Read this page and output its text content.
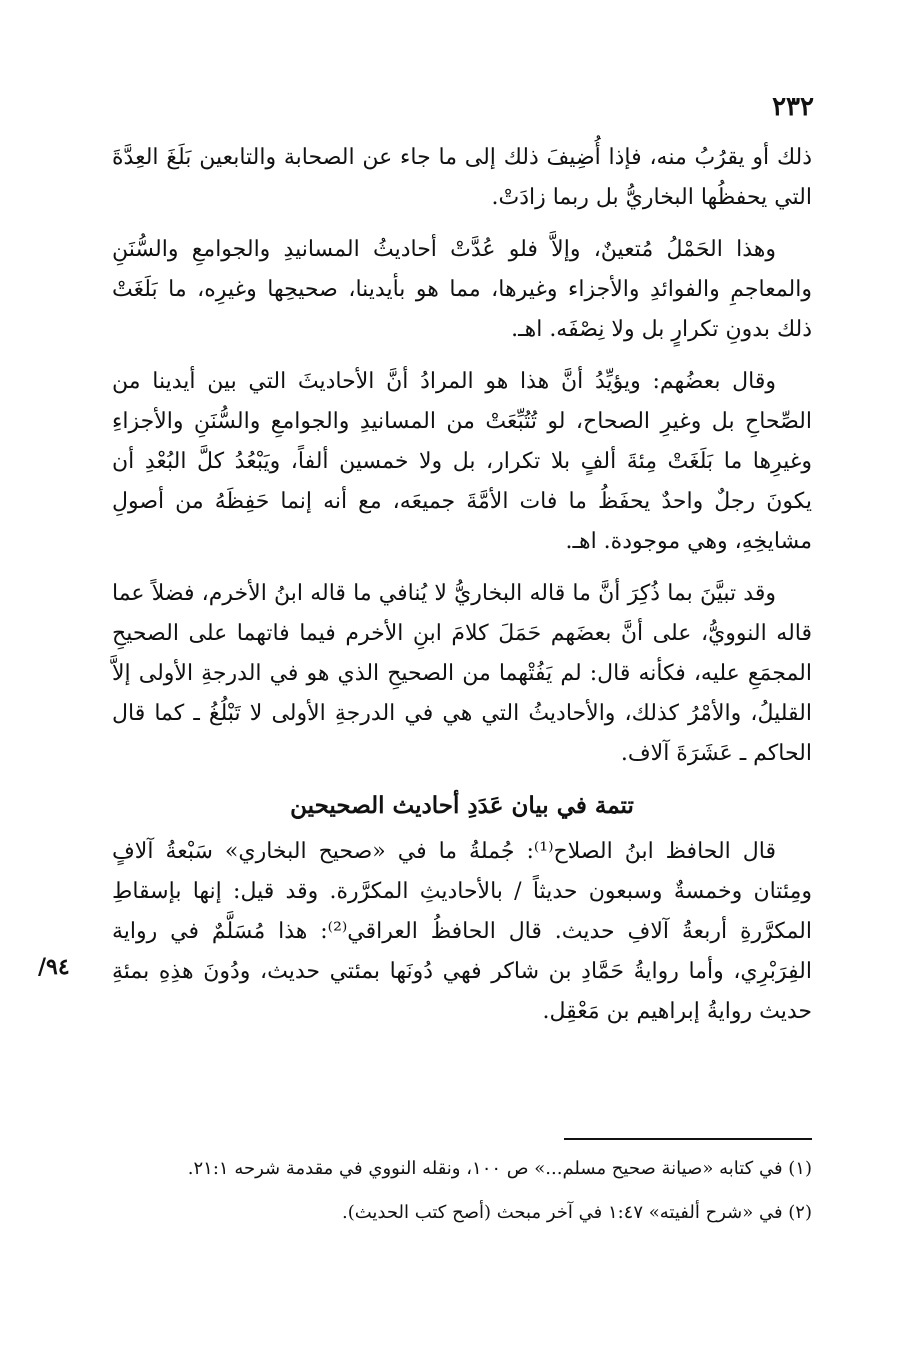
٢٣٢

ذلك أو يقرُبُ منه، فإذا أُضِيفَ ذلك إلى ما جاء عن الصحابة والتابعين بَلَغَ العِدَّةَ التي يحفظُها البخاريُّ بل ربما زادَتْ.

وهذا الحَمْلُ مُتعينٌ، وإلاَّ فلو عُدَّتْ أحاديثُ المسانيدِ والجوامعِ والسُّنَنِ والمعاجمِ والفوائدِ والأجزاء وغيرها، مما هو بأيدينا، صحيحِها وغيرِه، ما بَلَغَتْ ذلك بدونِ تكرارٍ بل ولا نِصْفَه. اهـ.

وقال بعضُهم: ويؤيِّدُ أنَّ هذا هو المرادُ أنَّ الأحاديثَ التي بين أيدينا من الصِّحاحِ بل وغيرِ الصحاح، لو تُتُبِّعَتْ من المسانيدِ والجوامعِ والسُّنَنِ والأجزاءِ وغيرِها ما بَلَغَتْ مِئةَ ألفٍ بلا تكرار، بل ولا خمسين ألفاً، ويَبْعُدُ كلَّ البُعْدِ أن يكونَ رجلٌ واحدٌ يحفَظُ ما فات الأمَّةَ جميعَه، مع أنه إنما حَفِظَهُ من أصولِ مشايخِهِ، وهي موجودة. اهـ.

وقد تبيَّنَ بما ذُكِرَ أنَّ ما قاله البخاريُّ لا يُنافي ما قاله ابنُ الأخرم، فضلاً عما قاله النوويُّ، على أنَّ بعضَهم حَمَلَ كلامَ ابنِ الأخرم فيما فاتهما على الصحيحِ المجمَعِ عليه، فكأنه قال: لم يَفُتْهما من الصحيحِ الذي هو في الدرجةِ الأولى إلاَّ القليلُ، والأمْرُ كذلك، والأحاديثُ التي هي في الدرجةِ الأولى لا تَبْلُغُ ـ كما قال الحاكم ـ عَشَرَةَ آلاف.

تتمة في بيان عَدَدِ أحاديث الصحيحين

قال الحافظ ابنُ الصلاح⁽¹⁾: جُملةُ ما في «صحيح البخاري» سَبْعةُ آلافٍ ومِئتان وخمسةٌ وسبعون حديثاً / بالأحاديثِ المكرَّرة. وقد قيل: إنها بإسقاطِ المكرَّرةِ أربعةُ آلافِ حديث. قال الحافظُ العراقي⁽²⁾: هذا مُسَلَّمٌ في رواية الفِرَبْرِي، وأما روايةُ حَمَّادِ بن شاكر فهي دُونَها بمئتي حديث، ودُونَ هذِهِ بمئةِ حديث روايةُ إبراهيم بن مَعْقِل.

/٩٤

(١) في كتابه «صيانة صحيح مسلم...» ص ١٠٠، ونقله النووي في مقدمة شرحه ٢١:١.

(٢) في «شرح ألفيته» ١:٤٧ في آخر مبحث (أصح كتب الحديث).
